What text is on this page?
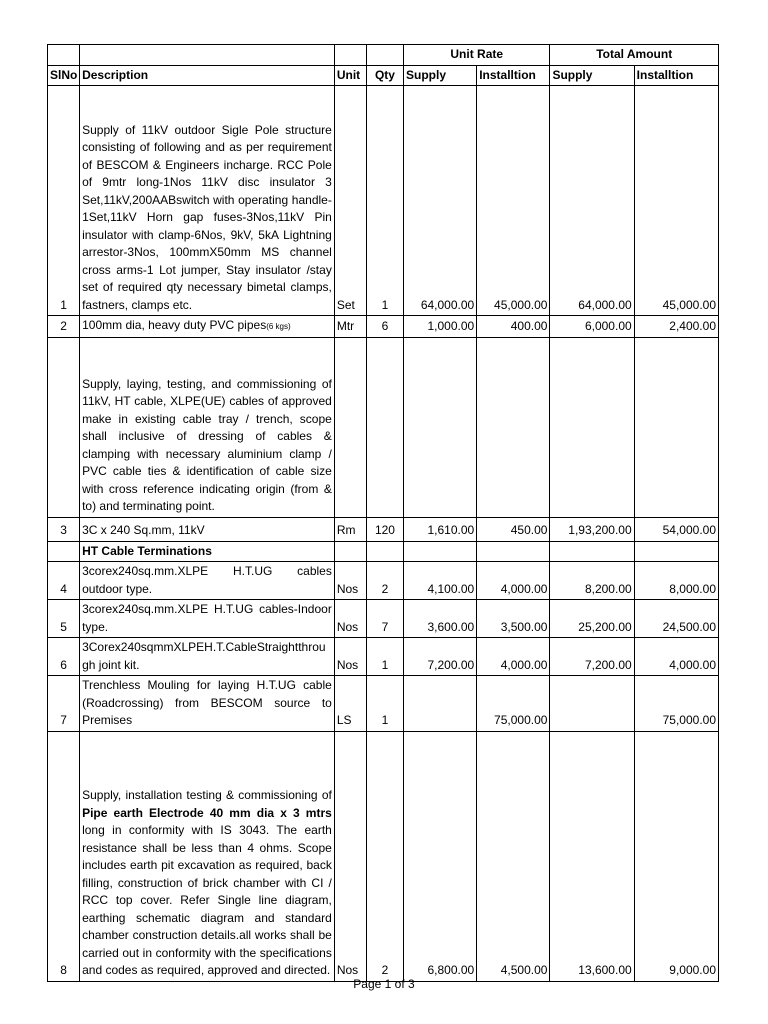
				Unit Rate		Total Amount	
SlNo	Description	Unit	Qty	Supply	Installtion	Supply	Installtion
1	Supply of 11kV outdoor Sigle Pole structure consisting of following and as per requirement of BESCOM & Engineers incharge. RCC Pole of 9mtr long-1Nos 11kV disc insulator 3 Set,11kV,200AABswitch with operating handle-1Set,11kV Horn gap fuses-3Nos,11kV Pin insulator with clamp-6Nos, 9kV, 5kA Lightning arrestor-3Nos, 100mmX50mm MS channel cross arms-1 Lot jumper, Stay insulator /stay set of required qty necessary bimetal clamps, fastners, clamps etc.	Set	1	64,000.00	45,000.00	64,000.00	45,000.00
2	100mm dia, heavy duty PVC pipes(6 kgs)	Mtr	6	1,000.00	400.00	6,000.00	2,400.00
	Supply, laying, testing, and commissioning of 11kV, HT cable, XLPE(UE) cables of approved make in existing cable tray / trench, scope shall inclusive of dressing of cables & clamping with necessary aluminium clamp / PVC cable ties & identification of cable size with cross reference indicating origin (from & to) and terminating point.						
3	3C x 240 Sq.mm, 11kV	Rm	120	1,610.00	450.00	1,93,200.00	54,000.00
	HT Cable Terminations						
4	3corex240sq.mm.XLPE H.T.UG cables outdoor type.	Nos	2	4,100.00	4,000.00	8,200.00	8,000.00
5	3corex240sq.mm.XLPE H.T.UG cables-Indoor type.	Nos	7	3,600.00	3,500.00	25,200.00	24,500.00
6	3Corex240sqmmXLPEH.T.CableStraightthrough joint kit.	Nos	1	7,200.00	4,000.00	7,200.00	4,000.00
7	Trenchless Mouling for laying H.T.UG cable (Roadcrossing) from BESCOM source to Premises	LS	1		75,000.00		75,000.00
8	Supply, installation testing & commissioning of Pipe earth Electrode 40 mm dia x 3 mtrs long in conformity with IS 3043. The earth resistance shall be less than 4 ohms. Scope includes earth pit excavation as required, back filling, construction of brick chamber with CI / RCC top cover. Refer Single line diagram, earthing schematic diagram and standard chamber construction details.all works shall be carried out in conformity with the specifications and codes as required, approved and directed.	Nos	2	6,800.00	4,500.00	13,600.00	9,000.00
Page 1 of 3
